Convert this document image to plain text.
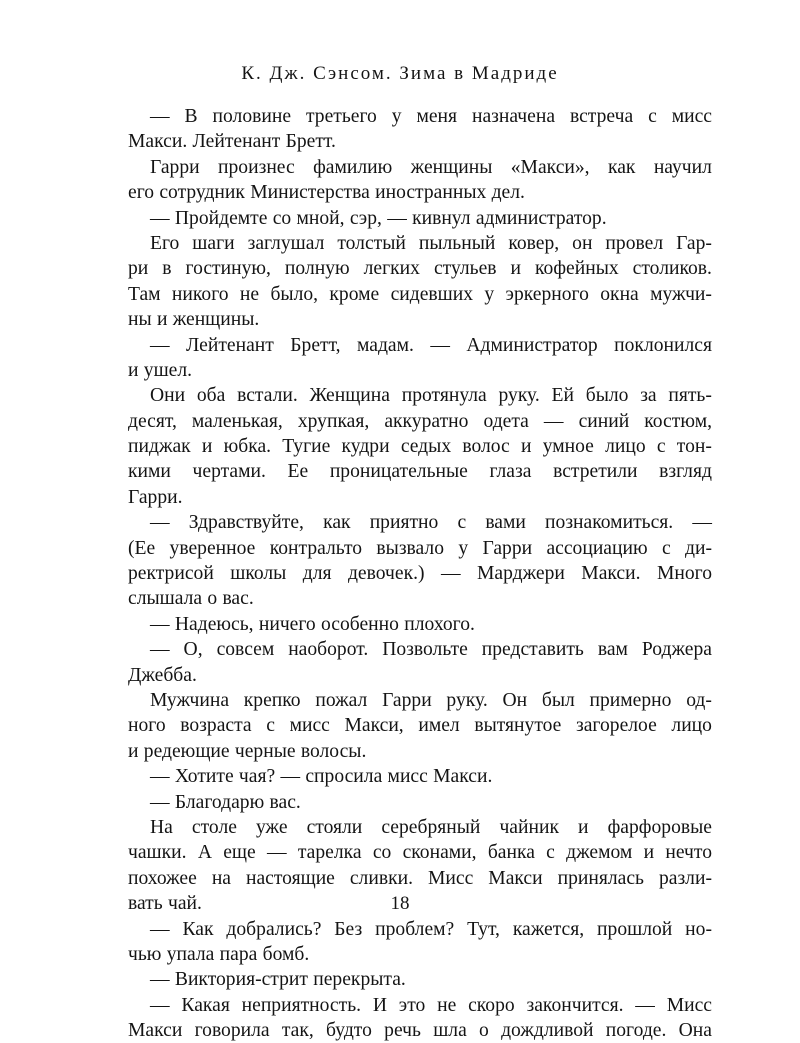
К. Дж. Сэнсом. Зима в Мадриде
— В половине третьего у меня назначена встреча с мисс
Макси. Лейтенант Бретт.
Гарри произнес фамилию женщины «Макси», как научил
его сотрудник Министерства иностранных дел.
— Пройдемте со мной, сэр, — кивнул администратор.
Его шаги заглушал толстый пыльный ковер, он провел Гар-
ри в гостиную, полную легких стульев и кофейных столиков.
Там никого не было, кроме сидевших у эркерного окна мужчи-
ны и женщины.
— Лейтенант Бретт, мадам. — Администратор поклонился
и ушел.
Они оба встали. Женщина протянула руку. Ей было за пять-
десят, маленькая, хрупкая, аккуратно одета — синий костюм,
пиджак и юбка. Тугие кудри седых волос и умное лицо с тон-
кими чертами. Ее проницательные глаза встретили взгляд
Гарри.
— Здравствуйте, как приятно с вами познакомиться. —
(Ее уверенное контральто вызвало у Гарри ассоциацию с ди-
ректрисой школы для девочек.) — Марджери Макси. Много
слышала о вас.
— Надеюсь, ничего особенно плохого.
— О, совсем наоборот. Позвольте представить вам Роджера
Джебба.
Мужчина крепко пожал Гарри руку. Он был примерно од-
ного возраста с мисс Макси, имел вытянутое загорелое лицо
и редеющие черные волосы.
— Хотите чая? — спросила мисс Макси.
— Благодарю вас.
На столе уже стояли серебряный чайник и фарфоровые
чашки. А еще — тарелка со сконами, банка с джемом и нечто
похожее на настоящие сливки. Мисс Макси принялась разли-
вать чай.
— Как добрались? Без проблем? Тут, кажется, прошлой но-
чью упала пара бомб.
— Виктория-стрит перекрыта.
— Какая неприятность. И это не скоро закончится. — Мисс
Макси говорила так, будто речь шла о дождливой погоде. Она
18
